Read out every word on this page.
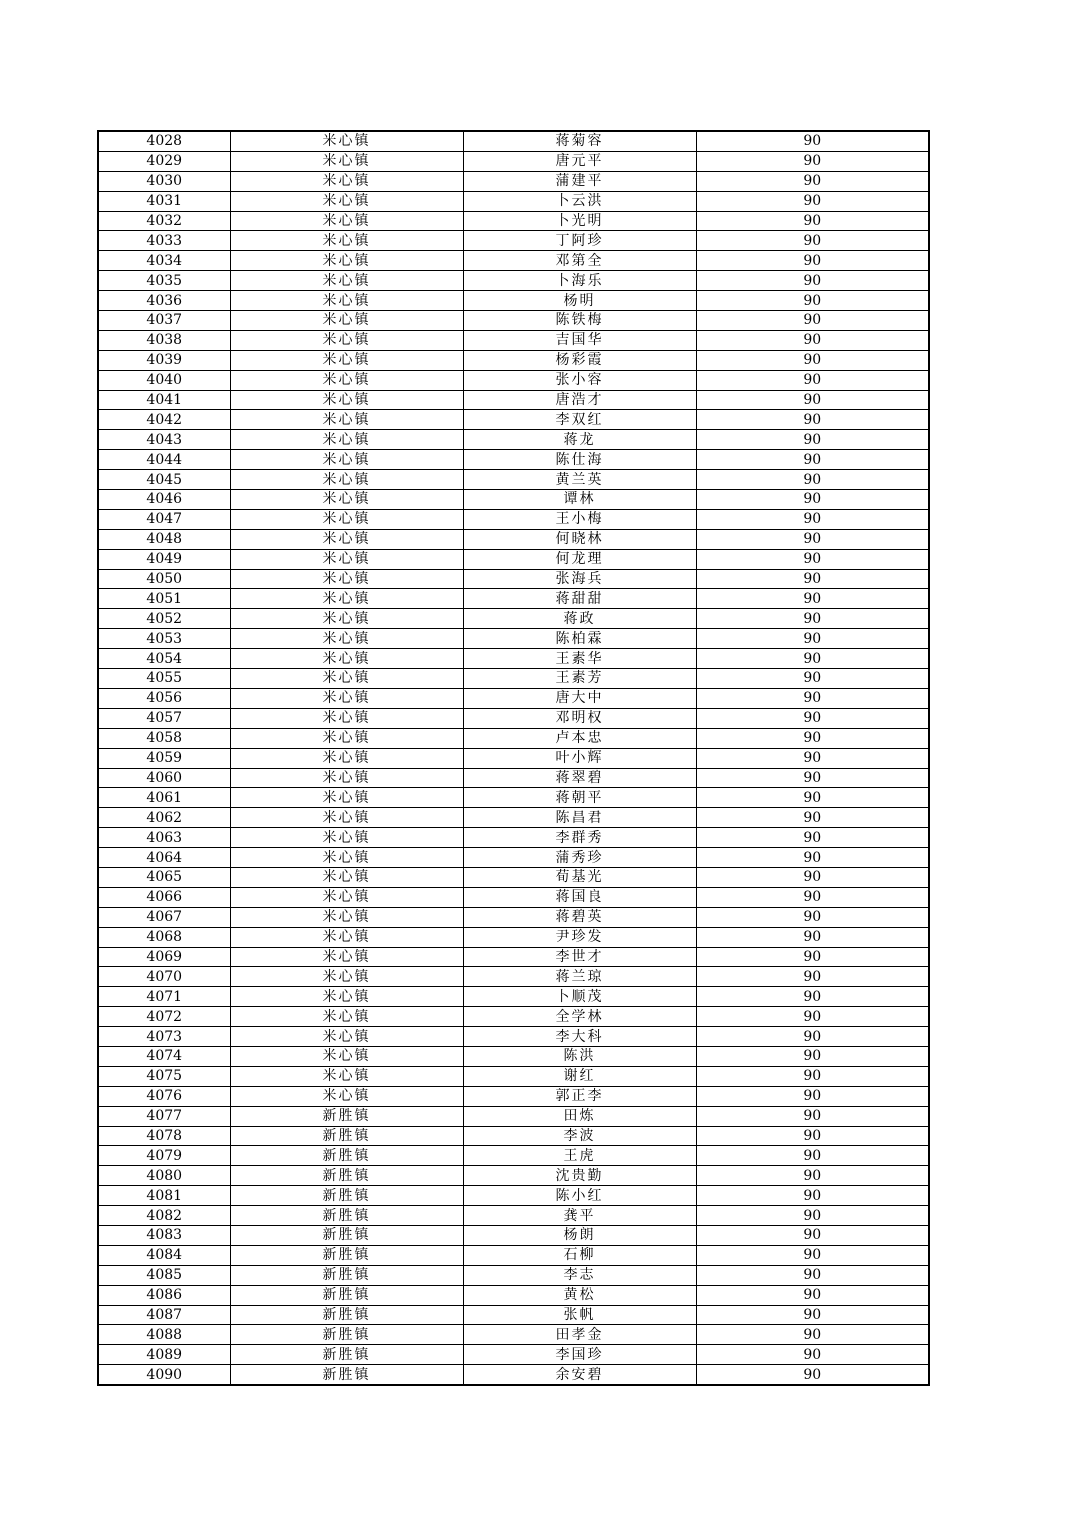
4028	米心镇	蒋菊容	90
4029	米心镇	唐元平	90
4030	米心镇	蒲建平	90
4031	米心镇	卜云洪	90
4032	米心镇	卜光明	90
4033	米心镇	丁阿珍	90
4034	米心镇	邓第全	90
4035	米心镇	卜海乐	90
4036	米心镇	杨明	90
4037	米心镇	陈铁梅	90
4038	米心镇	吉国华	90
4039	米心镇	杨彩霞	90
4040	米心镇	张小容	90
4041	米心镇	唐浩才	90
4042	米心镇	李双红	90
4043	米心镇	蒋龙	90
4044	米心镇	陈仕海	90
4045	米心镇	黄兰英	90
4046	米心镇	谭林	90
4047	米心镇	王小梅	90
4048	米心镇	何晓林	90
4049	米心镇	何龙理	90
4050	米心镇	张海兵	90
4051	米心镇	蒋甜甜	90
4052	米心镇	蒋政	90
4053	米心镇	陈柏霖	90
4054	米心镇	王素华	90
4055	米心镇	王素芳	90
4056	米心镇	唐大中	90
4057	米心镇	邓明权	90
4058	米心镇	卢本忠	90
4059	米心镇	叶小辉	90
4060	米心镇	蒋翠碧	90
4061	米心镇	蒋朝平	90
4062	米心镇	陈昌君	90
4063	米心镇	李群秀	90
4064	米心镇	蒲秀珍	90
4065	米心镇	荀基光	90
4066	米心镇	蒋国良	90
4067	米心镇	蒋碧英	90
4068	米心镇	尹珍发	90
4069	米心镇	李世才	90
4070	米心镇	蒋兰琼	90
4071	米心镇	卜顺茂	90
4072	米心镇	全学林	90
4073	米心镇	李大科	90
4074	米心镇	陈洪	90
4075	米心镇	谢红	90
4076	米心镇	郭正李	90
4077	新胜镇	田炼	90
4078	新胜镇	李波	90
4079	新胜镇	王虎	90
4080	新胜镇	沈贵勤	90
4081	新胜镇	陈小红	90
4082	新胜镇	龚平	90
4083	新胜镇	杨朗	90
4084	新胜镇	石柳	90
4085	新胜镇	李志	90
4086	新胜镇	黄松	90
4087	新胜镇	张帆	90
4088	新胜镇	田孝金	90
4089	新胜镇	李国珍	90
4090	新胜镇	余安碧	90
